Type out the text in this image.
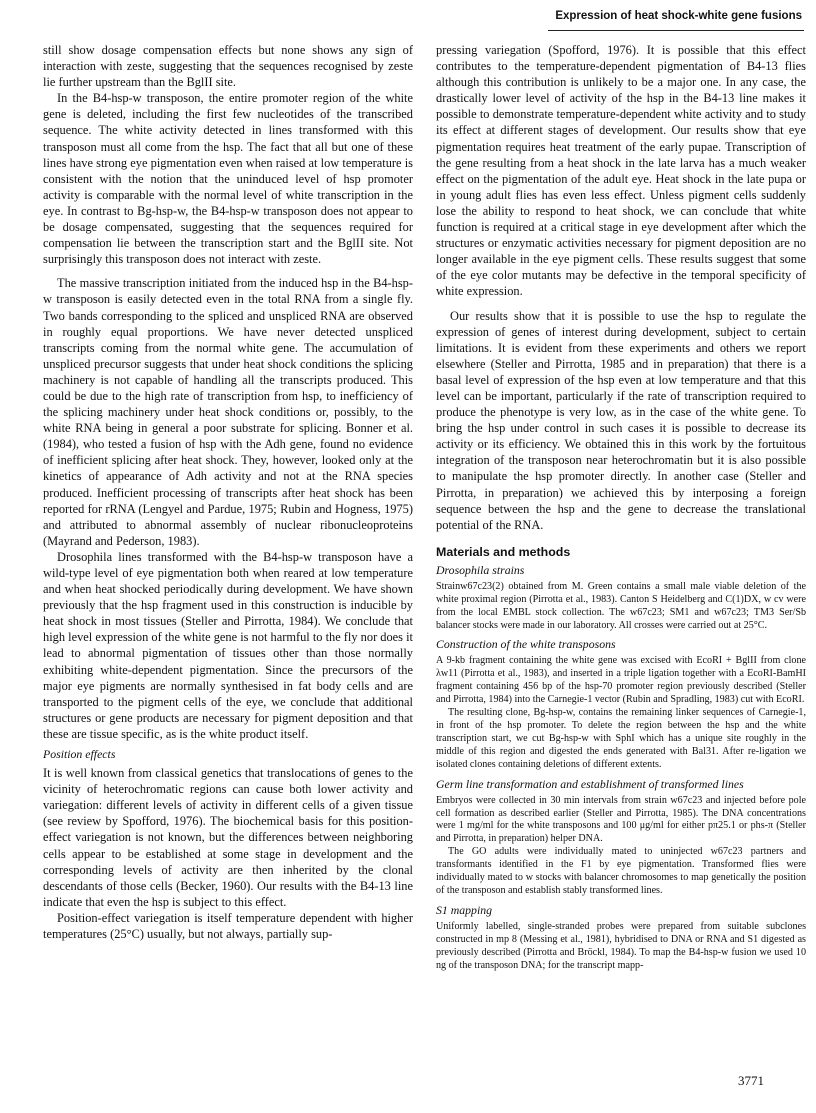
Expression of heat shock-white gene fusions

still show dosage compensation effects but none shows any sign of interaction with zeste, suggesting that the sequences recognised by zeste lie further upstream than the BglII site.

In the B4-hsp-w transposon, the entire promoter region of the white gene is deleted, including the first few nucleotides of the transcribed sequence. The white activity detected in lines transformed with this transposon must all come from the hsp. The fact that all but one of these lines have strong eye pigmentation even when raised at low temperature is consistent with the notion that the uninduced level of hsp promoter activity is comparable with the normal level of white transcription in the eye. In contrast to Bg-hsp-w, the B4-hsp-w transposon does not appear to be dosage compensated, suggesting that the sequences required for compensation lie between the transcription start and the BglII site. Not surprisingly this transposon does not interact with zeste.

The massive transcription initiated from the induced hsp in the B4-hsp-w transposon is easily detected even in the total RNA from a single fly. Two bands corresponding to the spliced and unspliced RNA are observed in roughly equal proportions. We have never detected unspliced transcripts coming from the normal white gene. The accumulation of unspliced precursor suggests that under heat shock conditions the splicing machinery is not capable of handling all the transcripts produced. This could be due to the high rate of transcription from hsp, to inefficiency of the splicing machinery under heat shock conditions or, possibly, to the white RNA being in general a poor substrate for splicing. Bonner et al. (1984), who tested a fusion of hsp with the Adh gene, found no evidence of inefficient splicing after heat shock. They, however, looked only at the kinetics of appearance of Adh activity and not at the RNA species produced. Inefficient processing of transcripts after heat shock has been reported for rRNA (Lengyel and Pardue, 1975; Rubin and Hogness, 1975) and attributed to abnormal assembly of nuclear ribonucleoproteins (Mayrand and Pederson, 1983).

Drosophila lines transformed with the B4-hsp-w transposon have a wild-type level of eye pigmentation both when reared at low temperature and when heat shocked periodically during development. We have shown previously that the hsp fragment used in this construction is inducible by heat shock in most tissues (Steller and Pirrotta, 1984). We conclude that high level expression of the white gene is not harmful to the fly nor does it lead to abnormal pigmentation of tissues other than those normally exhibiting white-dependent pigmentation. Since the precursors of the major eye pigments are normally synthesised in fat body cells and are transported to the pigment cells of the eye, we conclude that additional structures or gene products are necessary for pigment deposition and that these are tissue specific, as is the white product itself.

Position effects

It is well known from classical genetics that translocations of genes to the vicinity of heterochromatic regions can cause both lower activity and variegation: different levels of activity in different cells of a given tissue (see review by Spofford, 1976). The biochemical basis for this position-effect variegation is not known, but the differences between neighboring cells appear to be established at some stage in development and the corresponding levels of activity are then inherited by the clonal descendants of those cells (Becker, 1960). Our results with the B4-13 line indicate that even the hsp is subject to this effect.

Position-effect variegation is itself temperature dependent with higher temperatures (25°C) usually, but not always, partially sup-

pressing variegation (Spofford, 1976). It is possible that this effect contributes to the temperature-dependent pigmentation of B4-13 flies although this contribution is unlikely to be a major one. In any case, the drastically lower level of activity of the hsp in the B4-13 line makes it possible to demonstrate temperature-dependent white activity and to study its effect at different stages of development. Our results show that eye pigmentation requires heat treatment of the early pupae. Transcription of the gene resulting from a heat shock in the late larva has a much weaker effect on the pigmentation of the adult eye. Heat shock in the late pupa or in young adult flies has even less effect. Unless pigment cells suddenly lose the ability to respond to heat shock, we can conclude that white function is required at a critical stage in eye development after which the structures or enzymatic activities necessary for pigment deposition are no longer available in the eye pigment cells. These results suggest that some of the eye color mutants may be defective in the temporal specificity of white expression.

Our results show that it is possible to use the hsp to regulate the expression of genes of interest during development, subject to certain limitations. It is evident from these experiments and others we report elsewhere (Steller and Pirrotta, 1985 and in preparation) that there is a basal level of expression of the hsp even at low temperature and that this level can be important, particularly if the rate of transcription required to produce the phenotype is very low, as in the case of the white gene. To bring the hsp under control in such cases it is possible to decrease its activity or its efficiency. We obtained this in this work by the fortuitous integration of the transposon near heterochromatin but it is also possible to manipulate the hsp promoter directly. In another case (Steller and Pirrotta, in preparation) we achieved this by interposing a foreign sequence between the hsp and the gene to decrease the translational potential of the RNA.

Materials and methods
Drosophila strains

Strainw67c23(2) obtained from M. Green contains a small male viable deletion of the white proximal region (Pirrotta et al., 1983). Canton S Heidelberg and C(1)DX, w cv were from the local EMBL stock collection. The w67c23; SM1 and w67c23; TM3 Ser/Sb balancer stocks were made in our laboratory. All crosses were carried out at 25°C.

Construction of the white transposons

A 9-kb fragment containing the white gene was excised with EcoRI + BglII from clone λw11 (Pirrotta et al., 1983), and inserted in a triple ligation together with a EcoRI-BamHI fragment containing 456 bp of the hsp-70 promoter region previously described (Steller and Pirrotta, 1984) into the Carnegie-1 vector (Rubin and Spradling, 1983) cut with EcoRI.

The resulting clone, Bg-hsp-w, contains the remaining linker sequences of Carnegie-1, in front of the hsp promoter. To delete the region between the hsp and the white transcription start, we cut Bg-hsp-w with SphI which has a unique site roughly in the middle of this region and digested the ends generated with Bal31. After re-ligation we isolated clones containing deletions of different extents.

Germ line transformation and establishment of transformed lines

Embryos were collected in 30 min intervals from strain w67c23 and injected before pole cell formation as described earlier (Steller and Pirrotta, 1985). The DNA concentrations were 1 mg/ml for the white transposons and 100 μg/ml for either pπ25.1 or phs-π (Steller and Pirrotta, in preparation) helper DNA.

The GO adults were individually mated to uninjected w67c23 partners and transformants identified in the F1 by eye pigmentation. Transformed flies were individually mated to w stocks with balancer chromosomes to map genetically the position of the transposon and establish stably transformed lines.

S1 mapping

Uniformly labelled, single-stranded probes were prepared from suitable subclones constructed in mp 8 (Messing et al., 1981), hybridised to DNA or RNA and S1 digested as previously described (Pirrotta and Bröckl, 1984). To map the B4-hsp-w fusion we used 10 ng of the transposon DNA; for the transcript mapp-

3771
